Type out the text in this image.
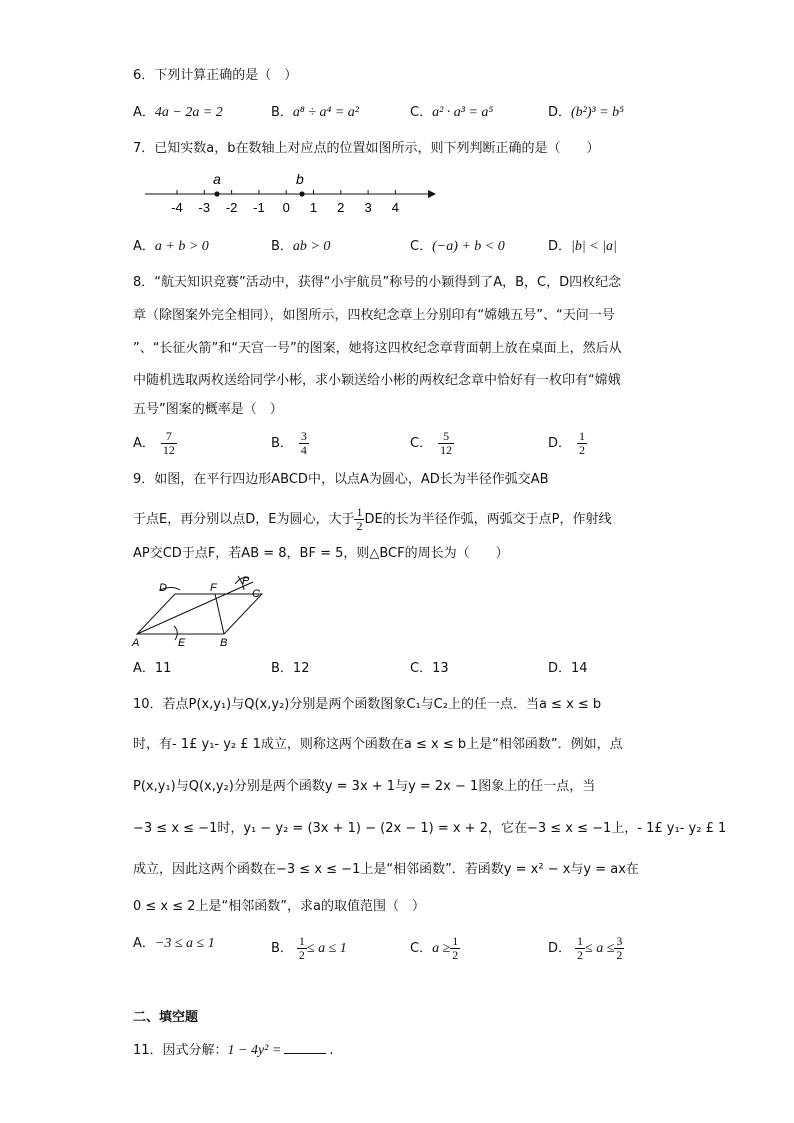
6．下列计算正确的是（　）
A．4a − 2a = 2	B．a⁸ ÷ a⁴ = a²	C．a² · a³ = a⁵	D．(b²)³ = b⁵
7．已知实数a，b在数轴上对应点的位置如图所示，则下列判断正确的是（　　）
-4 -3 -2 -1 0 1 2 3 4
a	b
A．a + b > 0	B．ab > 0	C．(−a) + b < 0	D．|b| < |a|
8．“航天知识竞赛”活动中，获得“小宇航员”称号的小颖得到了A，B，C，D四枚纪念
章（除图案外完全相同），如图所示，四枚纪念章上分别印有“嫦娥五号”、“天问一号
”、“长征火箭”和“天宫一号”的图案，她将这四枚纪念章背面朝上放在桌面上，然后从
中随机选取两枚送给同学小彬，求小颖送给小彬的两枚纪念章中恰好有一枚印有“嫦娥
五号”图案的概率是（　）
A． $\frac{7}{12}$	B． $\frac{3}{4}$	C． $\frac{5}{12}$	D． $\frac{1}{2}$
9．如图，在平行四边形ABCD中，以点A为圆心，AD长为半径作弧交AB
于点E，再分别以点D，E为圆心，大于 $\frac{1}{2}$ DE的长为半径作弧，两弧交于点P，作射线
AP交CD于点F，若AB = 8，BF = 5，则△BCF的周长为（　　）
D	F
P
C
A	E	B
A．11	B．12	C．13	D．14
10．若点P(x,y₁)与Q(x,y₂)分别是两个函数图象C₁与C₂上的任一点．当a ≤ x ≤ b
时，有- 1£ y₁- y₂ £ 1成立，则称这两个函数在a ≤ x ≤ b上是“相邻函数”．例如，点
P(x,y₁)与Q(x,y₂)分别是两个函数y = 3x + 1与y = 2x − 1图象上的任一点，当
−3 ≤ x ≤ −1时，y₁ − y₂ = (3x + 1) − (2x − 1) = x + 2，它在−3 ≤ x ≤ −1上，- 1£ y₁- y₂ £ 1
成立，因此这两个函数在−3 ≤ x ≤ −1上是“相邻函数”．若函数y = x² − x与y = ax在
0 ≤ x ≤ 2上是“相邻函数”，求a的取值范围（　）
A．−3 ≤ a ≤ 1	B． $\frac{1}{2} \le a \le 1$	C．$a \ge \frac{1}{2}$	D． $\frac{1}{2} \le a \le \frac{3}{2}$
二、填空题
11．因式分解：1 − 4y² =	.
